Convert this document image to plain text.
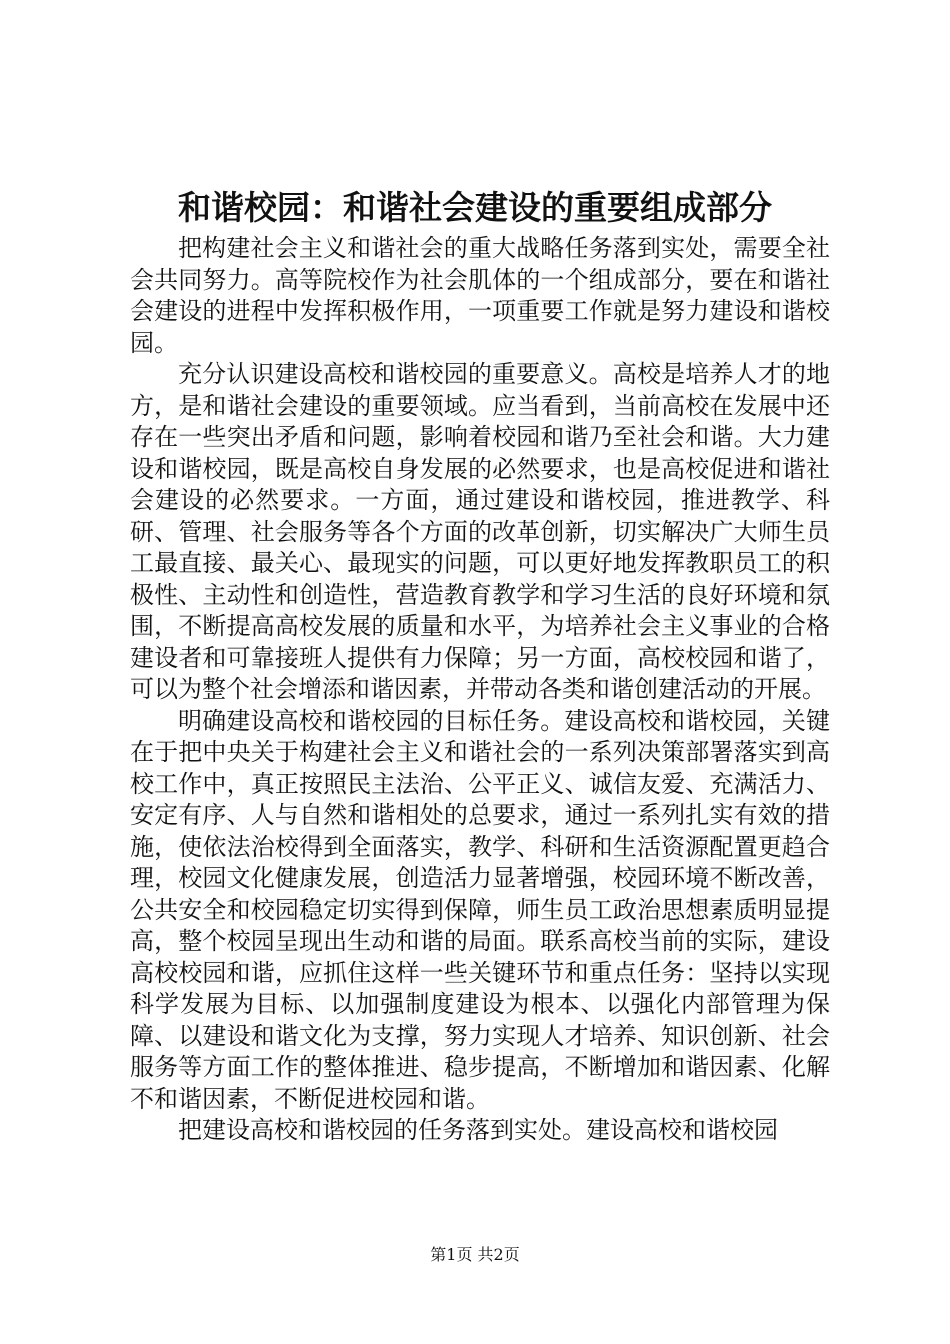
和谐校园：和谐社会建设的重要组成部分

把构建社会主义和谐社会的重大战略任务落到实处，需要全社会共同努力。高等院校作为社会肌体的一个组成部分，要在和谐社会建设的进程中发挥积极作用，一项重要工作就是努力建设和谐校园。

充分认识建设高校和谐校园的重要意义。高校是培养人才的地方，是和谐社会建设的重要领域。应当看到，当前高校在发展中还存在一些突出矛盾和问题，影响着校园和谐乃至社会和谐。大力建设和谐校园，既是高校自身发展的必然要求，也是高校促进和谐社会建设的必然要求。一方面，通过建设和谐校园，推进教学、科研、管理、社会服务等各个方面的改革创新，切实解决广大师生员工最直接、最关心、最现实的问题，可以更好地发挥教职员工的积极性、主动性和创造性，营造教育教学和学习生活的良好环境和氛围，不断提高高校发展的质量和水平，为培养社会主义事业的合格建设者和可靠接班人提供有力保障；另一方面，高校校园和谐了，可以为整个社会增添和谐因素，并带动各类和谐创建活动的开展。

明确建设高校和谐校园的目标任务。建设高校和谐校园，关键在于把中央关于构建社会主义和谐社会的一系列决策部署落实到高校工作中，真正按照民主法治、公平正义、诚信友爱、充满活力、安定有序、人与自然和谐相处的总要求，通过一系列扎实有效的措施，使依法治校得到全面落实，教学、科研和生活资源配置更趋合理，校园文化健康发展，创造活力显著增强，校园环境不断改善，公共安全和校园稳定切实得到保障，师生员工政治思想素质明显提高，整个校园呈现出生动和谐的局面。联系高校当前的实际，建设高校校园和谐，应抓住这样一些关键环节和重点任务：坚持以实现科学发展为目标、以加强制度建设为根本、以强化内部管理为保障、以建设和谐文化为支撑，努力实现人才培养、知识创新、社会服务等方面工作的整体推进、稳步提高，不断增加和谐因素、化解不和谐因素，不断促进校园和谐。

把建设高校和谐校园的任务落到实处。建设高校和谐校园

第1页 共2页
